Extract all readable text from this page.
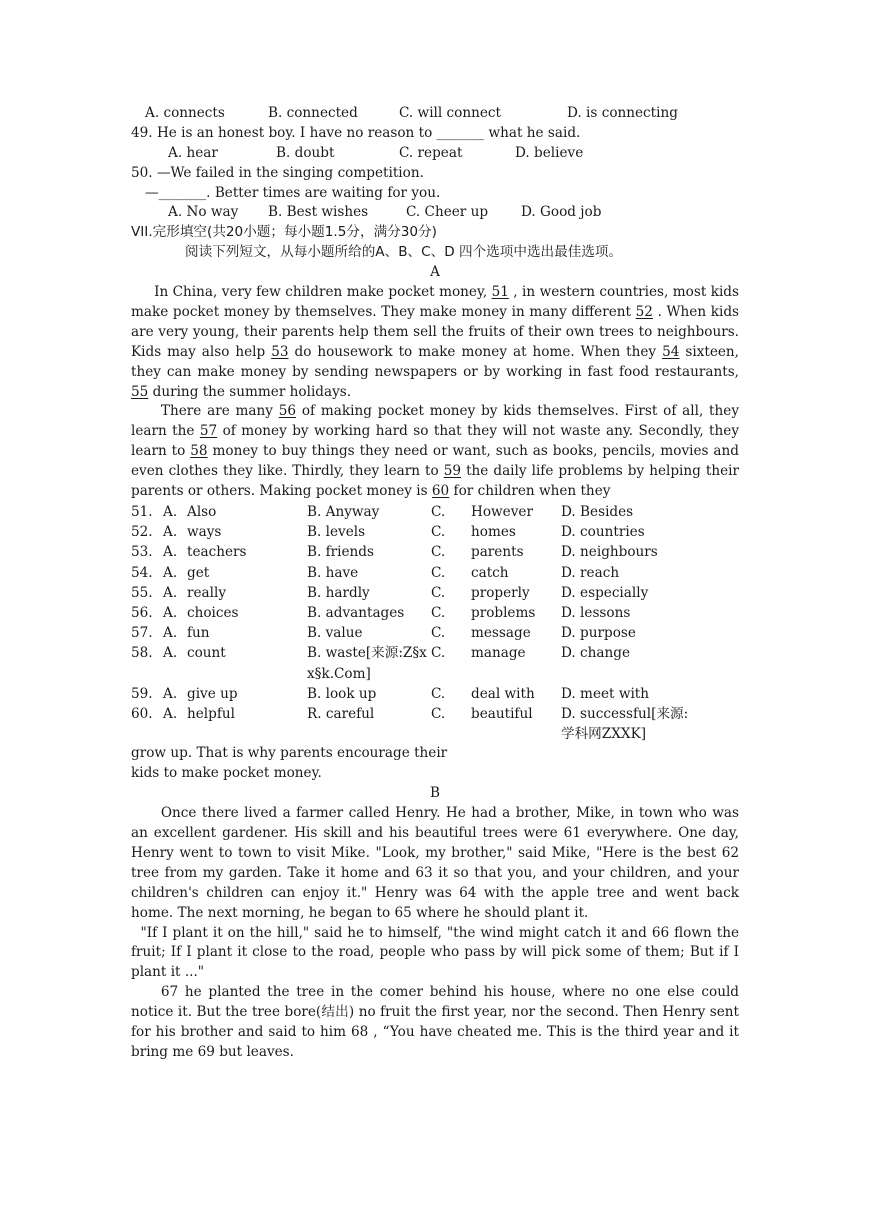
A. connects	B. connected	C. will connect	D. is connecting
49. He is an honest boy. I have no reason to _______ what he said.
A. hear	B. doubt	C. repeat	D. believe
50. —We failed in the singing competition.
—_______. Better times are waiting for you.
A. No way B. Best wishes	C. Cheer up D. Good job
VII.完形填空(共20小题；每小题1.5分，满分30分)
阅读下列短文，从每小题所给的A、B、C、D 四个选项中选出最佳选项。
A
In China, very few children make pocket money, 51 , in western countries, most kids make pocket money by themselves. They make money in many different 52 . When kids are very young, their parents help them sell the fruits of their own trees to neighbours. Kids may also help 53 do housework to make money at home. When they 54 sixteen, they can make money by sending newspapers or by working in fast food restaurants, 55 during the summer holidays.
There are many 56 of making pocket money by kids themselves. First of all, they learn the 57 of money by working hard so that they will not waste any. Secondly, they learn to 58 money to buy things they need or want, such as books, pencils, movies and even clothes they like. Thirdly, they learn to 59 the daily life problems by helping their parents or others. Making pocket money is 60 for children when they
51.	A.	Also	B. Anyway	C.	However	D. Besides
52.	A.	ways	B. levels	C.	homes	D. countries
53.	A.	teachers	B. friends	C.	parents	D. neighbours
54.	A.	get	B. have	C.	catch	D. reach
55.	A.	really	B. hardly	C.	properly	D. especially
56.	A.	choices	B. advantages	C.	problems	D. lessons
57.	A.	fun	B. value	C.	message	D. purpose
58.	A.	count	B. waste[来源:Z§xx§k.Com]	C.	manage	D. change
59.	A.	give up	B. look up	C.	deal with	D. meet with
60.	A.	helpful	R. careful	C.	beautiful	D. successful[来源:学科网ZXXK]
grow up. That is why parents encourage their
kids to make pocket money.
B
Once there lived a farmer called Henry. He had a brother, Mike, in town who was an excellent gardener. His skill and his beautiful trees were 61 everywhere. One day, Henry went to town to visit Mike. "Look, my brother," said Mike, "Here is the best 62 tree from my garden. Take it home and 63 it so that you, and your children, and your children's children can enjoy it." Henry was 64 with the apple tree and went back home. The next morning, he began to 65 where he should plant it.
"If I plant it on the hill," said he to himself, "the wind might catch it and 66 flown the fruit; If I plant it close to the road, people who pass by will pick some of them; But if I plant it ..."
67 he planted the tree in the comer behind his house, where no one else could notice it. But the tree bore(结出) no fruit the first year, nor the second. Then Henry sent for his brother and said to him 68 , “You have cheated me. This is the third year and it bring me 69 but leaves.
